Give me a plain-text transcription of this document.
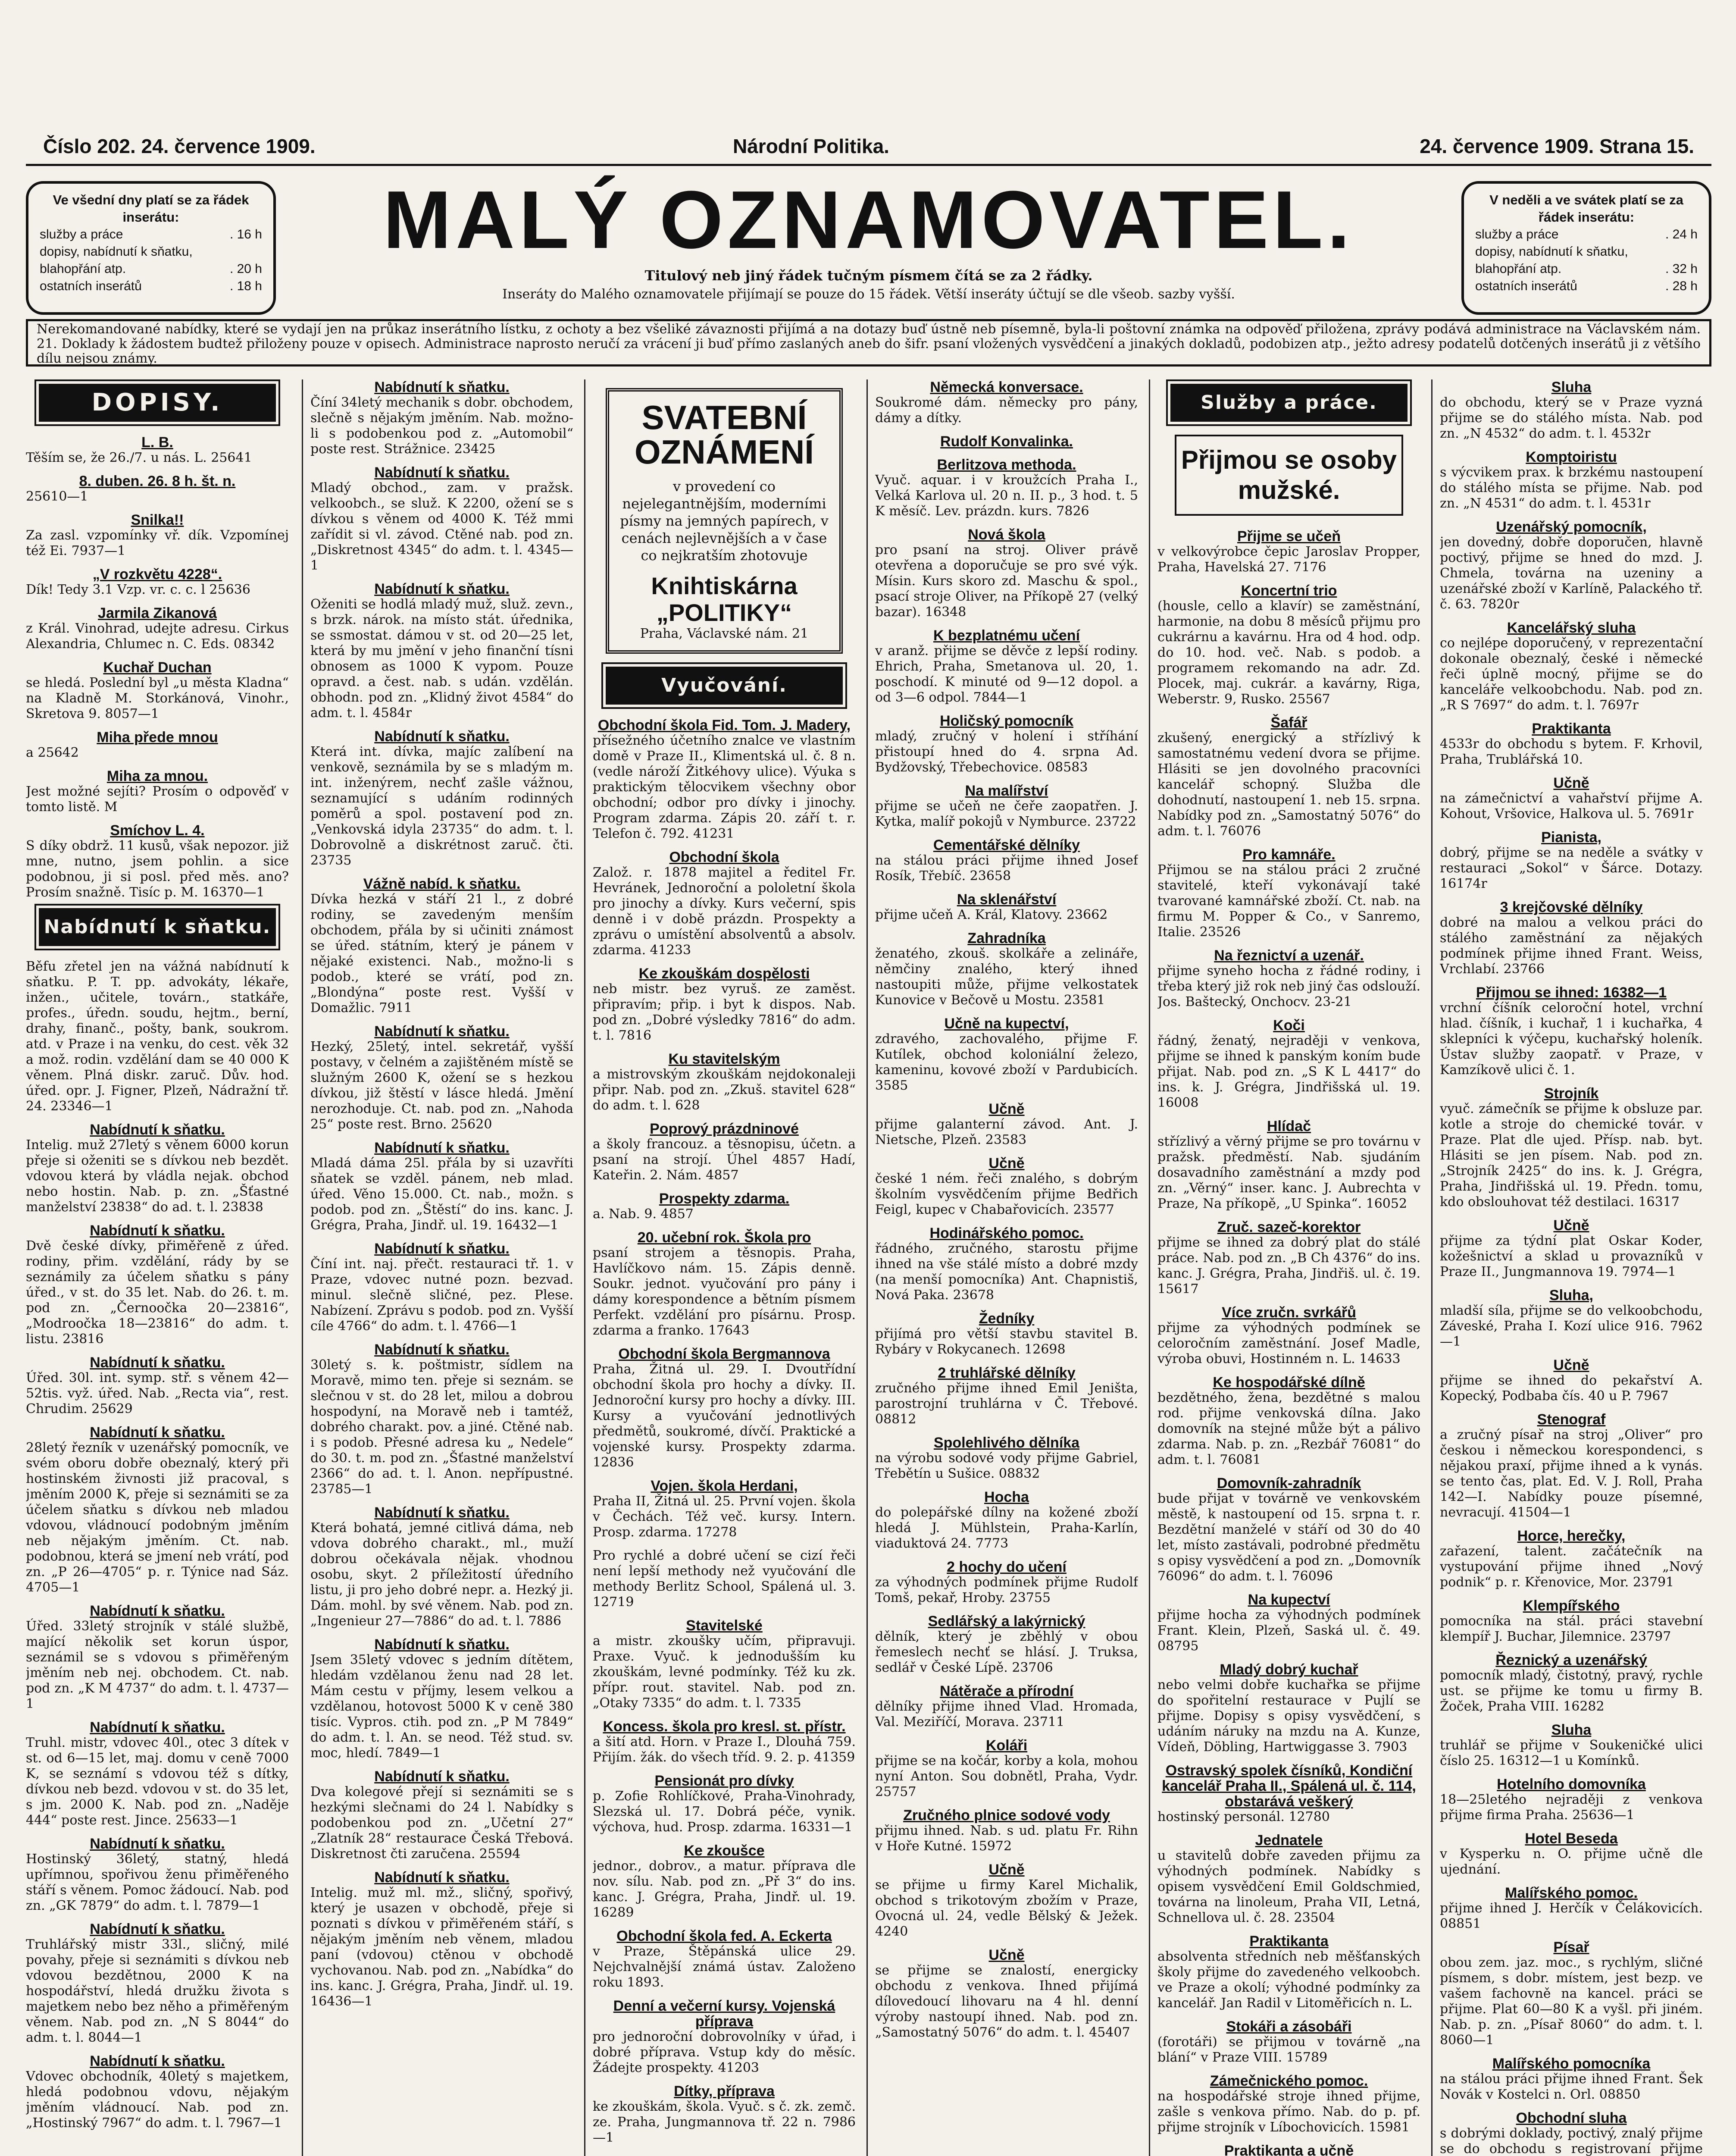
Číslo 202. 24. července 1909.	Národní Politika.	24. července 1909. Strana 15.
Ve všední dny platí se za řádek inserátu:
služby a práce	. 16 h
dopisy, nabídnutí k sňatku,
blahopřání atp.	. 20 h
ostatních inserátů	. 18 h
MALÝ OZNAMOVATEL.
Titulový neb jiný řádek tučným písmem čítá se za 2 řádky.
Inseráty do Malého oznamovatele přijímají se pouze do 15 řádek. Větší inseráty účtují se dle všeob. sazby vyšší.
V neděli a ve svátek platí se za řádek inserátu:
služby a práce	. 24 h
dopisy, nabídnutí k sňatku,
blahopřání atp.	. 32 h
ostatních inserátů	. 28 h
Nerekomandované nabídky, které se vydají jen na průkaz inserátního lístku, z ochoty a bez všeliké závaznosti přijímá a na dotazy buď ústně neb písemně, byla-li poštovní známka na odpověď přiložena, zprávy podává administrace na Václavském nám. 21. Doklady k žádostem budtež přiloženy pouze v opisech. Administrace naprosto neručí za vrácení ji buď přímo zaslaných aneb do šifr. psaní vložených vysvědčení a jinakých dokladů, podobizen atp., ježto adresy podatelů dotčených inserátů ji z většího dílu nejsou známy.
DOPISY.
L. B.
Těším se, že 26./7. u nás. L. 25641
8. duben. 26. 8 h. št. n.
25610—1
Snilka!!
Za zasl. vzpomínky vř. dík. Vzpomínej též Ei. 7937—1
„V rozkvětu 4228“.
Dík! Tedy 3.1 Vzp. vr. c. c. l 25636
Jarmila Zikanová
z Král. Vinohrad, udejte adresu. Cirkus Alexandria, Chlumec n. C. Eds. 08342
Kuchař Duchan
se hledá. Poslední byl „u města Kladna“ na Kladně M. Storkánová, Vinohr., Skretova 9. 8057—1
Miha přede mnou
a 25642
Miha za mnou.
Jest možné sejíti? Prosím o odpověď v tomto listě. M
Smíchov L. 4.
S díky obdrž. 11 kusů, však nepozor. již mne, nutno, jsem pohlin. a sice podobnou, ji si posl. před měs. ano? Prosím snažně. Tisíc p. M. 16370—1
Nabídnutí k sňatku.
Běfu zřetel jen na vážná nabídnutí k sňatku. P. T. pp. advokáty, lékaře, inžen., učitele, továrn., statkáře, profes., úředn. soudu, hejtm., berní, drahy, finanč., pošty, bank, soukrom. atd. v Praze i na venku, do cest. věk 32 a mož. rodin. vzdělání dam se 40 000 K věnem. Plná diskr. zaruč. Dův. hod. úřed. opr. J. Figner, Plzeň, Nádražní tř. 24. 23346—1
Nabídnutí k sňatku.
Intelig. muž 27letý s věnem 6000 korun přeje si oženiti se s dívkou neb bezdět. vdovou která by vládla nejak. obchod nebo hostin. Nab. p. zn. „Šťastné manželství 23838“ do ad. t. l. 23838
Nabídnutí k sňatku.
Dvě české dívky, přiměřeně z úřed. rodiny, přim. vzdělání, rády by se seznámily za účelem sňatku s pány úřed., v st. do 35 let. Nab. do 26. t. m. pod zn. „Černoočka 20—23816“, „Modroočka 18—23816“ do adm. t. listu. 23816
Nabídnutí k sňatku.
Úřed. 30l. int. symp. stř. s věnem 42—52tis. vyž. úřed. Nab. „Recta via“, rest. Chrudim. 25629
Nabídnutí k sňatku.
28letý řezník v uzenářský pomocník, ve svém oboru dobře obeznalý, který při hostinském živnosti již pracoval, s jměním 2000 K, přeje si seznámiti se za účelem sňatku s dívkou neb mladou vdovou, vládnoucí podobným jměním neb nějakým jměním. Ct. nab. podobnou, která se jmení neb vrátí, pod zn. „P 26—4705“ p. r. Týnice nad Sáz. 4705—1
Nabídnutí k sňatku.
Úřed. 33letý strojník v stálé službě, mající několik set korun úspor, seznámil se s vdovou s přiměřeným jměním neb nej. obchodem. Ct. nab. pod zn. „K M 4737“ do adm. t. l. 4737—1
Nabídnutí k sňatku.
Truhl. mistr, vdovec 40l., otec 3 dítek v st. od 6—15 let, maj. domu v ceně 7000 K, se seznámí s vdovou též s dítky, dívkou neb bezd. vdovou v st. do 35 let, s jm. 2000 K. Nab. pod zn. „Naděje 444“ poste rest. Jince. 25633—1
Nabídnutí k sňatku.
Hostinský 36letý, statný, hledá upřímnou, spořivou ženu přiměřeného stáří s věnem. Pomoc žádoucí. Nab. pod zn. „GK 7879“ do adm. t. l. 7879—1
Nabídnutí k sňatku.
Truhlářský mistr 33l., sličný, milé povahy, přeje si seznámiti s dívkou neb vdovou bezdětnou, 2000 K na hospodářství, hledá družku života s majetkem nebo bez něho a přiměřeným věnem. Nab. pod zn. „N S 8044“ do adm. t. l. 8044—1
Nabídnutí k sňatku.
Vdovec obchodník, 40letý s majetkem, hledá podobnou vdovu, nějakým jměním vládnoucí. Nab. pod zn. „Hostinský 7967“ do adm. t. l. 7967—1
Nabídnutí k sňatku.
Číní 34letý mechanik s dobr. obchodem, slečně s nějakým jměním. Nab. možno-li s podobenkou pod z. „Automobil“ poste rest. Strážnice. 23425
Nabídnutí k sňatku.
Mladý obchod., zam. v pražsk. velkoobch., se služ. K 2200, ožení se s dívkou s věnem od 4000 K. Též mmi zařídit si vl. závod. Ctěné nab. pod zn. „Diskretnost 4345“ do adm. t. l. 4345—1
Nabídnutí k sňatku.
Oženiti se hodlá mladý muž, služ. zevn., s brzk. nárok. na místo stát. úřednika, se ssmostat. dámou v st. od 20—25 let, která by mu jmění v jeho finanční tísni obnosem as 1000 K vypom. Pouze opravd. a čest. nab. s udán. vzdělán. obhodn. pod zn. „Klidný život 4584“ do adm. t. l. 4584r
Nabídnutí k sňatku.
Která int. dívka, majíc zalíbení na venkově, seznámila by se s mladým m. int. inženýrem, nechť zašle vážnou, seznamující s udáním rodinných poměrů a spol. postavení pod zn. „Venkovská idyla 23735“ do adm. t. l. Dobrovolně a diskrétnost zaruč. čti. 23735
Vážně nabíd. k sňatku.
Dívka hezká v stáří 21 l., z dobré rodiny, se zavedeným menším obchodem, přála by si učiniti známost se úřed. státním, který je pánem v nějaké existenci. Nab., možno-li s podob., které se vrátí, pod zn. „Blondýna“ poste rest. Vyšší v Domažlic. 7911
Nabídnutí k sňatku.
Hezký, 25letý, intel. sekretář, vyšší postavy, v čelném a zajištěném místě se služným 2600 K, ožení se s hezkou dívkou, již štěstí v lásce hledá. Jmění nerozhoduje. Ct. nab. pod zn. „Nahoda 25“ poste rest. Brno. 25620
Nabídnutí k sňatku.
Mladá dáma 25l. přála by si uzavříti sňatek se vzděl. pánem, neb mlad. úřed. Věno 15.000. Ct. nab., možn. s podob. pod zn. „Štěstí“ do ins. kanc. J. Grégra, Praha, Jindř. ul. 19. 16432—1
Nabídnutí k sňatku.
Číní int. naj. přečt. restauraci tř. 1. v Praze, vdovec nutné pozn. bezvad. minul. slečně sličné, pez. Plese. Nabízení. Zprávu s podob. pod zn. Vyšší cíle 4766“ do adm. t. l. 4766—1
Nabídnutí k sňatku.
30letý s. k. poštmistr, sídlem na Moravě, mimo ten. přeje si seznám. se slečnou v st. do 28 let, milou a dobrou hospodyní, na Moravě neb i tamtéž, dobrého charakt. pov. a jiné. Ctěné nab. i s podob. Přesné adresa ku „ Nedele“ do 30. t. m. pod zn. „Šťastné manželství 2366“ do ad. t. l. Anon. nepřípustné. 23785—1
Nabídnutí k sňatku.
Která bohatá, jemné citlivá dáma, neb vdova dobrého charakt., ml., muží dobrou očekávala nějak. vhodnou osobu, skyt. 2 příležitostí úředního listu, ji pro jeho dobré nepr. a. Hezký ji. Dám. mohl. by své věnem. Nab. pod zn. „Ingenieur 27—7886“ do ad. t. l. 7886
Nabídnutí k sňatku.
Jsem 35letý vdovec s jedním dítětem, hledám vzdělanou ženu nad 28 let. Mám cestu v příjmy, lesem velkou a vzdělanou, hotovost 5000 K v ceně 380 tisíc. Vypros. ctih. pod zn. „P M 7849“ do adm. t. l. An. se neod. Též stud. sv. moc, hledí. 7849—1
Nabídnutí k sňatku.
Dva kolegové přejí si seznámiti se s hezkými slečnami do 24 l. Nabídky s podobenkou pod zn. „Učetní 27“ „Zlatník 28“ restaurace Česká Třebová. Diskretnost čti zaručena. 25594
Nabídnutí k sňatku.
Intelig. muž ml. mž., sličný, spořivý, který je usazen v obchodě, přeje si poznati s dívkou v přiměřeném stáří, s nějakým jměním neb věnem, mladou paní (vdovou) ctěnou v obchodě vychovanou. Nab. pod zn. „Nabídka“ do ins. kanc. J. Grégra, Praha, Jindř. ul. 19. 16436—1
SVATEBNÍ OZNÁMENÍ
v provedení co nejelegantnějším, moderními písmy na jemných papírech, v cenách nejlevnějších a v čase co nejkratším zhotovuje
Knihtiskárna „POLITIKY“
Praha, Václavské nám. 21
Vyučování.
Obchodní škola Fid. Tom. J. Madery,
přísežného účetního znalce ve vlastním domě v Praze II., Klimentská ul. č. 8 n. (vedle nároží Žitkéhovy ulice). Výuka s praktickým tělocvikem všechny obor obchodní; odbor pro dívky i jinochy. Program zdarma. Zápis 20. září t. r. Telefon č. 792. 41231
Obchodní škola
Založ. r. 1878 majitel a ředitel Fr. Hevránek, Jednoroční a pololetní škola pro jinochy a dívky. Kurs večerní, spis denně i v době prázdn. Prospekty a zprávu o umístění absolventů a absolv. zdarma. 41233
Ke zkouškám dospělosti
neb mistr. bez vyruš. ze zaměst. připravím; přip. i byt k dispos. Nab. pod zn. „Dobré výsledky 7816“ do adm. t. l. 7816
Ku stavitelským
a mistrovským zkouškám nejdokonaleji připr. Nab. pod zn. „Zkuš. stavitel 628“ do adm. t. l. 628
Poprový prázdninové
a školy francouz. a těsnopisu, účetn. a psaní na strojí. Úhel 4857 Hadí, Kateřin. 2. Nám. 4857
Prospekty zdarma.
a. Nab. 9. 4857
20. učební rok. Škola pro
psaní strojem a těsnopis. Praha, Havlíčkovo nám. 15. Zápis denně. Soukr. jednot. vyučování pro pány i dámy korespondence a bětním písmem Perfekt. vzdělání pro písárnu. Prosp. zdarma a franko. 17643
Obchodní škola Bergmannova
Praha, Žitná ul. 29. I. Dvoutřídní obchodní škola pro hochy a dívky. II. Jednoroční kursy pro hochy a dívky. III. Kursy a vyučování jednotlivých předmětů, soukromé, dívčí. Praktické a vojenské kursy. Prospekty zdarma. 12836
Vojen. škola Herdani,
Praha II, Žitná ul. 25. První vojen. škola v Čechách. Též več. kursy. Intern. Prosp. zdarma. 17278
Pro rychlé a dobré učení se cizí řeči není lepší methody než vyučování dle methody Berlitz School, Spálená ul. 3. 12719
Stavitelské
a mistr. zkoušky učím, připravuji. Praxe. Vyuč. k jednodušším ku zkouškám, levné podmínky. Též ku zk. přípr. rout. stavitel. Nab. pod zn. „Otaky 7335“ do adm. t. l. 7335
Koncess. škola pro kresl. st. přístr.
a šití atd. Horn. v Praze I., Dlouhá 759. Přijím. žák. do všech tříd. 9. 2. p. 41359
Pensionát pro dívky
p. Zofie Rohlíčkové, Praha-Vinohrady, Slezská ul. 17. Dobrá péče, vynik. výchova, hud. Prosp. zdarma. 16331—1
Ke zkoušce
jednor., dobrov., a matur. příprava dle nov. sílu. Nab. pod zn. „Př 3“ do ins. kanc. J. Grégra, Praha, Jindř. ul. 19. 16289
Obchodní škola fed. A. Eckerta
v Praze, Štěpánská ulice 29. Nejchvalnější známá ústav. Založeno roku 1893.
Denní a večerní kursy. Vojenská příprava
pro jednoroční dobrovolníky v úřad, i dobré příprava. Vstup kdy do měsíc. Žádejte prospekty. 41203
Dítky, příprava
ke zkouškám, škola. Vyuč. s č. zk. zemč. ze. Praha, Jungmannova tř. 22 n. 7986—1
Německá konversace.
Soukromé dám. německy pro pány, dámy a dítky.
Rudolf Konvalinka.
Berlitzova methoda.
Vyuč. aquar. i v kroužcích Praha I., Velká Karlova ul. 20 n. II. p., 3 hod. t. 5 K měsíč. Lev. prázdn. kurs. 7826
Nová škola
pro psaní na stroj. Oliver právě otevřena a doporučuje se pro své výk. Mísin. Kurs skoro zd. Maschu & spol., psací stroje Oliver, na Příkopě 27 (velký bazar). 16348
K bezplatnému učení
v aranž. přijme se děvče z lepší rodiny. Ehrich, Praha, Smetanova ul. 20, 1. poschodí. K minuté od 9—12 dopol. a od 3—6 odpol. 7844—1
Holičský pomocník
mladý, zručný v holení i stříhání přistoupí hned do 4. srpna Ad. Bydžovský, Třebechovice. 08583
Na malířství
přijme se učeň ne čeře zaopatřen. J. Kytka, malíř pokojů v Nymburce. 23722
Cementářské dělníky
na stálou práci přijme ihned Josef Rosík, Třebíč. 23658
Na sklenářství
přijme učeň A. Král, Klatovy. 23662
Zahradníka
ženatého, zkouš. skolkáře a zelináře, němčiny znalého, který ihned nastoupiti může, přijme velkostatek Kunovice v Bečově u Mostu. 23581
Učně na kupectví,
zdravého, zachovalého, přijme F. Kutílek, obchod koloniální železo, kameninu, kovové zboží v Pardubicích. 3585
Učně
přijme galanterní závod. Ant. J. Nietsche, Plzeň. 23583
Učně
české 1 ném. řeči znalého, s dobrým školním vysvědčením přijme Bedřich Feigl, kupec v Chabařovicích. 23577
Hodinářského pomoc.
řádného, zručného, starostu přijme ihned na vše stálé místo a dobré mzdy (na menší pomocníka) Ant. Chapnistiš, Nová Paka. 23678
Žedníky
přijímá pro větší stavbu stavitel B. Rybáry v Rokycanech. 12698
2 truhlářské dělníky
zručného přijme ihned Emil Jeništa, parostrojní truhlárna v Č. Třebové. 08812
Spolehlivého dělníka
na výrobu sodové vody přijme Gabriel, Třebětín u Sušice. 08832
Hocha
do polepářské dílny na kožené zboží hledá J. Mühlstein, Praha-Karlín, viaduktová 24. 7773
2 hochy do učení
za výhodných podmínek přijme Rudolf Tomš, pekař, Hroby. 23755
Sedlářský a lakýrnický
dělník, který je zběhlý v obou řemeslech nechť se hlásí. J. Truksa, sedlář v České Lípě. 23706
Nátěrače a přírodní
dělníky přijme ihned Vlad. Hromada, Val. Meziříčí, Morava. 23711
Koláři
přijme se na kočár, korby a kola, mohou nyní Anton. Sou dobnětl, Praha, Vydr. 25757
Zručného plnice sodové vody
přijmu ihned. Nab. s ud. platu Fr. Rihn v Hoře Kutné. 15972
Učně
se přijme u firmy Karel Michalik, obchod s trikotovým zbožím v Praze, Ovocná ul. 24, vedle Bělský & Ježek. 4240
Učně
se přijme se znalostí, energicky obchodu z venkova. Ihned přijímá dílovedoucí lihovaru na 4 hl. denní výroby nastoupí ihned. Nab. pod zn. „Samostatný 5076“ do adm. t. l. 45407
Služby a práce.
Přijmou se osoby mužské.
Přijme se učeň
v velkovýrobce čepic Jaroslav Propper, Praha, Havelská 27. 7176
Koncertní trio
(housle, cello a klavír) se zaměstnání, harmonie, na dobu 8 měsíců přijmu pro cukrárnu a kavárnu. Hra od 4 hod. odp. do 10. hod. več. Nab. s podob. a programem rekomando na adr. Zd. Plocek, maj. cukrár. a kavárny, Riga, Weberstr. 9, Rusko. 25567
Šafář
zkušený, energický a střízlivý k samostatnému vedení dvora se přijme. Hlásiti se jen dovolného pracovníci kancelář schopný. Služba dle dohodnutí, nastoupení 1. neb 15. srpna. Nabídky pod zn. „Samostatný 5076“ do adm. t. l. 76076
Pro kamnáře.
Přijmou se na stálou práci 2 zručné stavitelé, kteří vykonávají také tvarované kamnářské zboží. Ct. nab. na firmu M. Popper & Co., v Sanremo, Italie. 23526
Na řeznictví a uzenář.
přijme syneho hocha z řádné rodiny, i třeba který již rok neb jiný čas odslouží. Jos. Baštecký, Onchocv. 23-21
Koči
řádný, ženatý, nejraději v venkova, přijme se ihned k panským koním bude přijat. Nab. pod zn. „S K L 4417“ do ins. k. J. Grégra, Jindřišská ul. 19. 16008
Hlídač
střízlivý a věrný přijme se pro továrnu v pražsk. předměstí. Nab. sjudáním dosavadního zaměstnání a mzdy pod zn. „Věrný“ inser. kanc. J. Aubrechta v Praze, Na příkopě, „U Spinka“. 16052
Zruč. sazeč-korektor
přijme se ihned za dobrý plat do stálé práce. Nab. pod zn. „B Ch 4376“ do ins. kanc. J. Grégra, Praha, Jindřiš. ul. č. 19. 15617
Více zručn. svrkářů
přijme za výhodných podmínek se celoročním zaměstnání. Josef Madle, výroba obuvi, Hostinném n. L. 14633
Ke hospodářské dílně
bezdětného, žena, bezdětné s malou rod. přijme venkovská dílna. Jako domovník na stejné může být a pálivo zdarma. Nab. p. zn. „Rezbář 76081“ do adm. t. l. 76081
Domovník-zahradník
bude přijat v továrně ve venkovském městě, k nastoupení od 15. srpna t. r. Bezdětní manželé v stáří od 30 do 40 let, místo zastávali, podrobné předmětu s opisy vysvědčení a pod zn. „Domovník 76096“ do adm. t. l. 76096
Na kupectví
přijme hocha za výhodných podmínek Frant. Klein, Plzeň, Saská ul. č. 49. 08795
Mladý dobrý kuchař
nebo velmi dobře kuchařka se přijme do spořitelní restaurace v Pujlí se přijme. Dopisy s opisy vysvědčení, s udáním náruky na mzdu na A. Kunze, Vídeň, Döbling, Hartwiggasse 3. 7903
Ostravský spolek čísníků, Kondiční kancelář Praha II., Spálená ul. č. 114, obstarává veškerý
hostinský personál. 12780
Jednatele
u stavitelů dobře zaveden přijmu za výhodných podmínek. Nabídky s opisem vysvědčení Emil Goldschmied, továrna na linoleum, Praha VII, Letná, Schnellova ul. č. 28. 23504
Praktikanta
absolventa středních neb měšťanských školy přijme do zavedeného velkoobch. ve Praze a okolí; výhodné podmínky za kancelář. Jan Radil v Litoměřicích n. L.
Stokáři a zásobáři
(forotáři) se přijmou v továrně „na blání“ v Praze VIII. 15789
Zámečnického pomoc.
na hospodářské stroje ihned přijme, zašle s venkova přímo. Nab. do p. pf. přijme strojník v Líbochovicích. 15981
Praktikanta a učně
Sluha
do obchodu, který se v Praze vyzná přijme se do stálého místa. Nab. pod zn. „N 4532“ do adm. t. l. 4532r
Komptoiristu
s výcvikem prax. k brzkému nastoupení do stálého místa se přijme. Nab. pod zn. „N 4531“ do adm. t. l. 4531r
Uzenářský pomocník,
jen dovedný, dobře doporučen, hlavně poctivý, přijme se hned do mzd. J. Chmela, továrna na uzeniny a uzenářské zboží v Karlíně, Palackého tř. č. 63. 7820r
Kancelářský sluha
co nejlépe doporučený, v reprezentační dokonale obeznalý, české i německé řeči úplně mocný, přijme se do kanceláře velkoobchodu. Nab. pod zn. „R S 7697“ do adm. t. l. 7697r
Praktikanta
4533r do obchodu s bytem. F. Krhovil, Praha, Trublářská 10.
Učně
na zámečnictví a vahařství přijme A. Kohout, Vršovice, Halkova ul. 5. 7691r
Pianista,
dobrý, přijme se na neděle a svátky v restauraci „Sokol“ v Šárce. Dotazy. 16174r
3 krejčovské dělníky
dobré na malou a velkou práci do stálého zaměstnání za nějakých podmínek přijme ihned Frant. Weiss, Vrchlabí. 23766
Přijmou se ihned: 16382—1
vrchní číšník celoroční hotel, vrchní hlad. číšník, i kuchař, 1 i kuchařka, 4 sklepníci k výčepu, kuchařský holeník. Ústav služby zaopatř. v Praze, v Kamzíkově ulici č. 1.
Strojník
vyuč. zámečník se přijme k obsluze par. kotle a stroje do chemické továr. v Praze. Plat dle ujed. Přísp. nab. byt. Hlásiti se jen písem. Nab. pod zn. „Strojník 2425“ do ins. k. J. Grégra, Praha, Jindřišská ul. 19. Předn. tomu, kdo obslouhovat též destilaci. 16317
Učně
přijme za týdní plat Oskar Koder, kožešnictví a sklad u provazníků v Praze II., Jungmannova 19. 7974—1
Sluha,
mladší síla, přijme se do velkoobchodu, Záveské, Praha I. Kozí ulice 916. 7962—1
Učně
přijme se ihned do pekařství A. Kopecký, Podbaba čís. 40 u P. 7967
Stenograf
a zručný písař na stroj „Oliver“ pro českou i německou korespondenci, s nějakou praxí, přijme ihned a k vynás. se tento čas, plat. Ed. V. J. Roll, Praha 142—I. Nabídky pouze písemné, nevracují. 41504—1
Horce, herečky,
zařazení, talent. začátečník na vystupování přijme ihned „Nový podnik“ p. r. Křenovice, Mor. 23791
Klempířského
pomocníka na stál. práci stavební klempíř J. Buchar, Jilemnice. 23797
Řeznický a uzenářský
pomocník mladý, čistotný, pravý, rychle ust. se přijme ke tomu u firmy B. Žoček, Praha VIII. 16282
Sluha
truhlář se přijme v Soukeničké ulici číslo 25. 16312—1 u Komínků.
Hotelního domovníka
18—25letého nejraději z venkova přijme firma Praha. 25636—1
Hotel Beseda
v Kysperku n. O. přijme učně dle ujednání.
Malířského pomoc.
přijme ihned J. Herčík v Čelákovicích. 08851
Písař
obou zem. jaz. moc., s rychlým, sličné písmem, s dobr. místem, jest bezp. ve vašem fachovně na kancel. práci se přijme. Plat 60—80 K a vyšl. při jiném. Nab. p. zn. „Písař 8060“ do adm. t. l. 8060—1
Malířského pomocníka
na stálou práci přijme ihned Frant. Šek Novák v Kostelci n. Orl. 08850
Obchodní sluha
s dobrými doklady, poctivý, znalý přijme se do obchodu s registrovaní přijme
